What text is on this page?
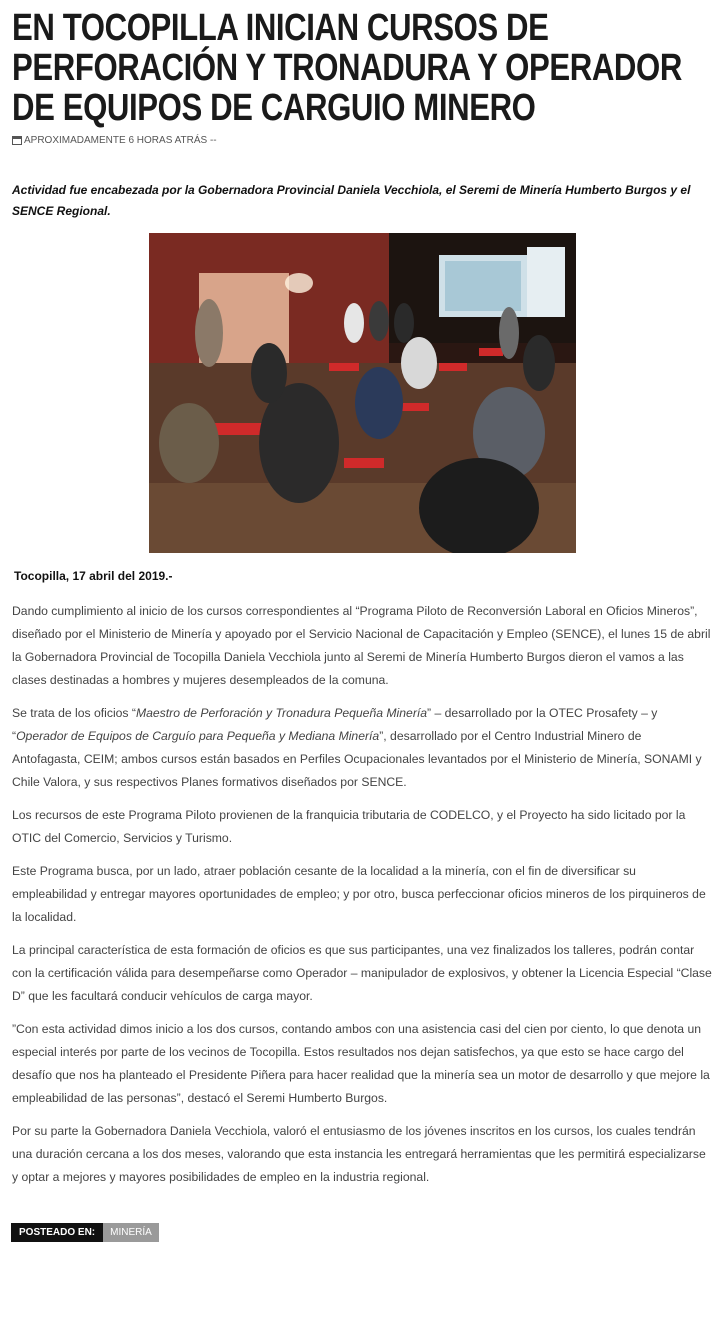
EN TOCOPILLA INICIAN CURSOS DE PERFORACIÓN Y TRONADURA Y OPERADOR DE EQUIPOS DE CARGUIO MINERO
APROXIMADAMENTE 6 HORAS ATRÁS --

Actividad fue encabezada por la Gobernadora Provincial Daniela Vecchiola, el Seremi de Minería Humberto Burgos y el SENCE Regional.

Tocopilla, 17 abril del 2019.-

Dando cumplimiento al inicio de los cursos correspondientes al “Programa Piloto de Reconversión Laboral en Oficios Mineros”, diseñado por el Ministerio de Minería y apoyado por el Servicio Nacional de Capacitación y Empleo (SENCE), el lunes 15 de abril la Gobernadora Provincial de Tocopilla Daniela Vecchiola junto al Seremi de Minería Humberto Burgos dieron el vamos a las clases destinadas a hombres y mujeres desempleados de la comuna.

Se trata de los oficios “Maestro de Perforación y Tronadura Pequeña Minería” – desarrollado por la OTEC Prosafety – y “Operador de Equipos de Carguío para Pequeña y Mediana Minería”, desarrollado por el Centro Industrial Minero de Antofagasta, CEIM; ambos cursos están basados en Perfiles Ocupacionales levantados por el Ministerio de Minería, SONAMI y Chile Valora, y sus respectivos Planes formativos diseñados por SENCE.

Los recursos de este Programa Piloto provienen de la franquicia tributaria de CODELCO, y el Proyecto ha sido licitado por la OTIC del Comercio, Servicios y Turismo.

Este Programa busca, por un lado, atraer población cesante de la localidad a la minería, con el fin de diversificar su empleabilidad y entregar mayores oportunidades de empleo; y por otro, busca perfeccionar oficios mineros de los pirquineros de la localidad.

La principal característica de esta formación de oficios es que sus participantes, una vez finalizados los talleres, podrán contar con la certificación válida para desempeñarse como Operador – manipulador de explosivos, y obtener la Licencia Especial “Clase D” que les facultará conducir vehículos de carga mayor.

”Con esta actividad dimos inicio a los dos cursos, contando ambos con una asistencia casi del cien por ciento, lo que denota un especial interés por parte de los vecinos de Tocopilla. Estos resultados nos dejan satisfechos, ya que esto se hace cargo del desafío que nos ha planteado el Presidente Piñera para hacer realidad que la minería sea un motor de desarrollo y que mejore la empleabilidad de las personas”, destacó el Seremi Humberto Burgos.

Por su parte la Gobernadora Daniela Vecchiola, valoró el entusiasmo de los jóvenes inscritos en los cursos, los cuales tendrán una duración cercana a los dos meses, valorando que esta instancia les entregará herramientas que les permitirá especializarse y optar a mejores y mayores posibilidades de empleo en la industria regional.

POSTEADO EN:	MINERÍA
